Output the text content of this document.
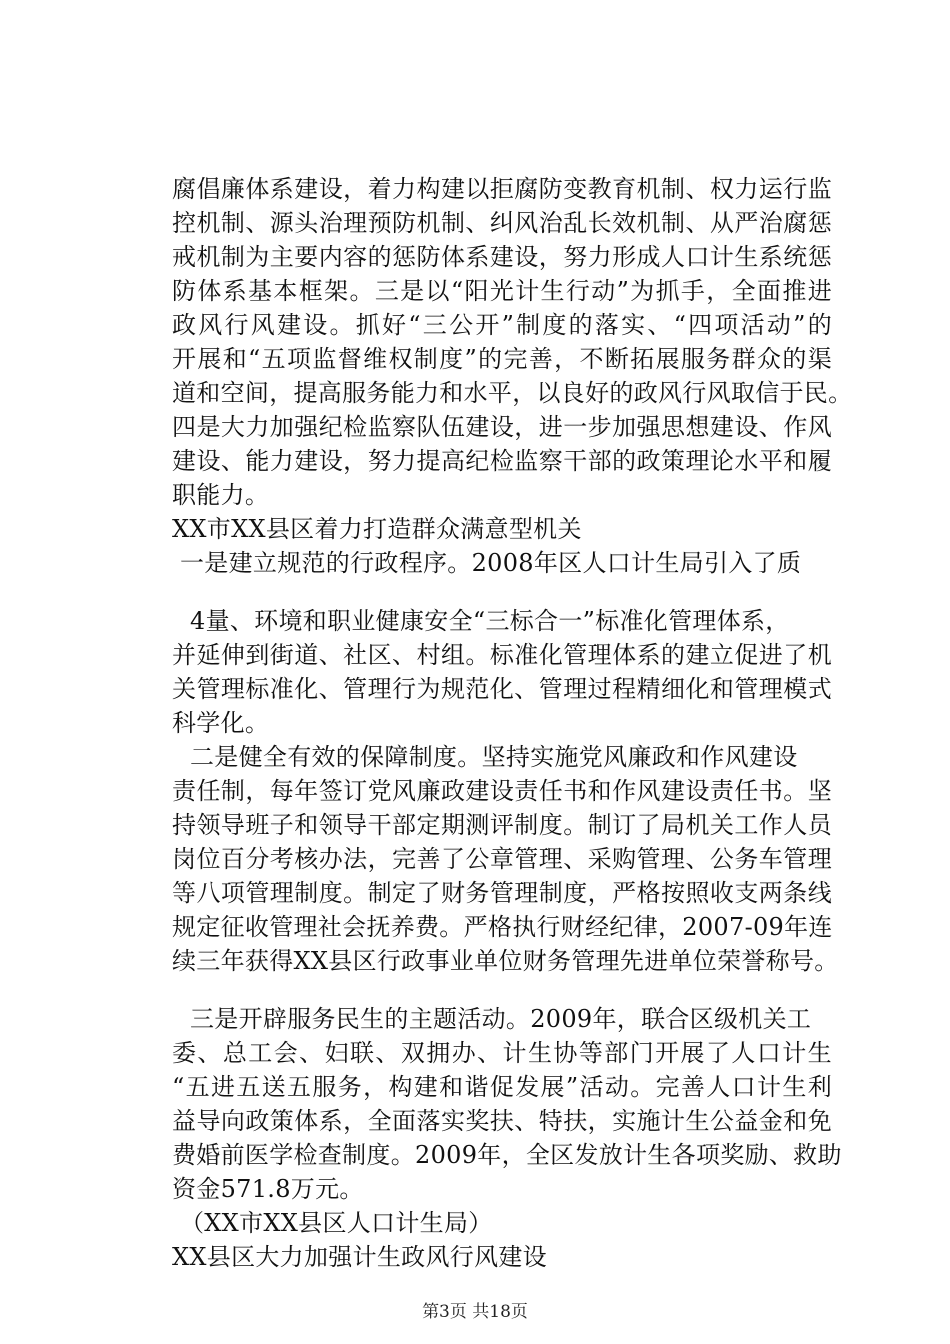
腐倡廉体系建设，着力构建以拒腐防变教育机制、权力运行监
控机制、源头治理预防机制、纠风治乱长效机制、从严治腐惩
戒机制为主要内容的惩防体系建设，努力形成人口计生系统惩
防体系基本框架。三是以“阳光计生行动”为抓手，全面推进
政风行风建设。抓好“三公开”制度的落实、“四项活动”的
开展和“五项监督维权制度”的完善，不断拓展服务群众的渠
道和空间，提高服务能力和水平，以良好的政风行风取信于民。
四是大力加强纪检监察队伍建设，进一步加强思想建设、作风
建设、能力建设，努力提高纪检监察干部的政策理论水平和履
职能力。
XX市XX县区着力打造群众满意型机关
一是建立规范的行政程序。2008年区人口计生局引入了质
4量、环境和职业健康安全“三标合一”标准化管理体系，
并延伸到街道、社区、村组。标准化管理体系的建立促进了机
关管理标准化、管理行为规范化、管理过程精细化和管理模式
科学化。
二是健全有效的保障制度。坚持实施党风廉政和作风建设
责任制，每年签订党风廉政建设责任书和作风建设责任书。坚
持领导班子和领导干部定期测评制度。制订了局机关工作人员
岗位百分考核办法，完善了公章管理、采购管理、公务车管理
等八项管理制度。制定了财务管理制度，严格按照收支两条线
规定征收管理社会抚养费。严格执行财经纪律，2007-09年连
续三年获得XX县区行政事业单位财务管理先进单位荣誉称号。
三是开辟服务民生的主题活动。2009年，联合区级机关工
委、总工会、妇联、双拥办、计生协等部门开展了人口计生
“五进五送五服务，构建和谐促发展”活动。完善人口计生利
益导向政策体系，全面落实奖扶、特扶，实施计生公益金和免
费婚前医学检查制度。2009年，全区发放计生各项奖励、救助
资金571.8万元。
（XX市XX县区人口计生局）
XX县区大力加强计生政风行风建设
第3页 共18页
